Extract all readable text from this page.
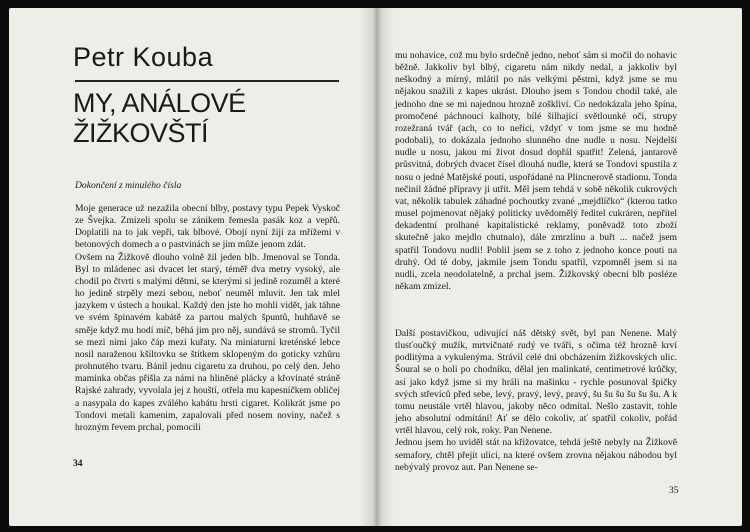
Petr Kouba
MY, ANÁLOVÉ
ŽIŽKOVŠTÍ
Dokončení z minulého čísla

Moje generace už nezažila obecní blby, postavy typu Pepek Vyskoč ze Švejka. Zmizeli spolu se zánikem řemesla pasák koz a vepřů. Doplatili na to jak vepři, tak blbové. Obojí nyní žijí za mřížemi v betonových domech a o pastvinách se jim může jenom zdát.

Ovšem na Žižkově dlouho volně žil jeden blb. Jmenoval se Tonda. Byl to mládenec asi dvacet let starý, téměř dva metry vysoký, ale chodil po čtvrti s malými dětmi, se kterými si jedině rozuměl a které ho jedině strpěly mezi sebou, neboť neuměl mluvit. Jen tak mlel jazykem v ústech a houkal. Každý den jste ho mohli vidět, jak táhne ve svém špinavém kabátě za partou malých špuntů, huhňavě se směje když mu hodí míč, běhá jim pro něj, sundává se stromů. Tyčil se mezi nimi jako čáp mezi kuřaty. Na miniaturní kreténské lebce nosil naraženou kšiltovku se štítkem sklopeným do goticky vzhůru prohnutého tvaru. Bánil jednu cigaretu za druhou, po celý den. Jeho maminka občas přišla za námi na hliněné plácky a křovinaté stráně Rajské zahrady, vyvolala jej z houští, otřela mu kapesníčkem obličej a nasypala do kapes zválého kabátu hrsti cigaret. Kolikrát jsme po Tondovi metali kamenim, zapalovali před nosem noviny, načež s hrozným řevem prchal, pomocili

34

mu nohavice, což mu bylo srdečně jedno, neboť sám si močil do nohavic běžně. Jakkoliv byl blbý, cigaretu nám nikdy nedal, a jakkoliv byl neškodný a mírný, mlátil po nás velkými pěstmi, když jsme se mu nějakou snažili z kapes ukrást. Dlouho jsem s Tondou chodil také, ale jednoho dne se mi najednou hrozně zoškliví. Co nedokázala jeho špína, promočené páchnoucí kalhoty, bílé šilhající světlounké oči, strupy rozežraná tvář (ach, co to neříci, vždyť v tom jsme se mu hodně podobali), to dokázala jednoho slunného dne nudle u nosu. Nejdelší nudle u nosu, jakou mi život dosud dopřál spatřit! Zelená, jantarově průsvitná, dobrých dvacet čísel dlouhá nudle, která se Tondovi spustila z nosu o jedné Matějské pouti, uspořádané na Plincnerově stadionu. Tonda nečinil žádné přípravy ji utřít. Měl jsem tehdá v sobě několik cukrových vat, několik tabulek záhadné pochoutky zvané „mejdlíčko“ (kterou tatko musel pojmenovat nějaký politicky uvědomělý ředitel cukráren, nepřítel dekadentní prolhané kapitalistické reklamy, poněvadž toto zboží skutečně jako mejdlo chutnalo), dále zmrzlinu a buřt ... načež jsem spatřil Tondovu nudli! Poblil jsem se z toho z jednoho konce pouti na druhý. Od té doby, jakmile jsem Tondu spatřil, vzpomněl jsem si na nudli, zcela neodolatelně, a prchal jsem. Žižkovský obecní blb posléze někam zmizel.

Další postavičkou, udivující náš dětský svět, byl pan Nenene. Malý tlusťoučký mužík, mrtvičnaté rudý ve tváři, s očima též hrozně krví podlitýma a vykulenýma. Strávil celé dni obcházením žižkovských ulic. Šoural se o holi po chodníku, dělal jen malinkaté, centimetrové krůčky, asi jako když jsme si my hráli na mašinku - rychle posunoval špičky svých střevíců před sebe, levý, pravý, levý, pravý, šu šu šu šu šu šu. A k tomu neustále vrtěl hlavou, jakoby něco odmítal. Nešlo zastavit, tohle jeho absolutní odmítání! Ať se dělo cokoliv, ať spatřil cokoliv, pořád vrtěl hlavou, celý rok, roky. Pan Nenene.

Jednou jsem ho uviděl stát na křižovatce, tehdá ještě nebyly na Žižkově semafory, chtěl přejít ulici, na které ovšem zrovna nějakou náhodou byl nebývalý provoz aut. Pan Nenene se-

35
